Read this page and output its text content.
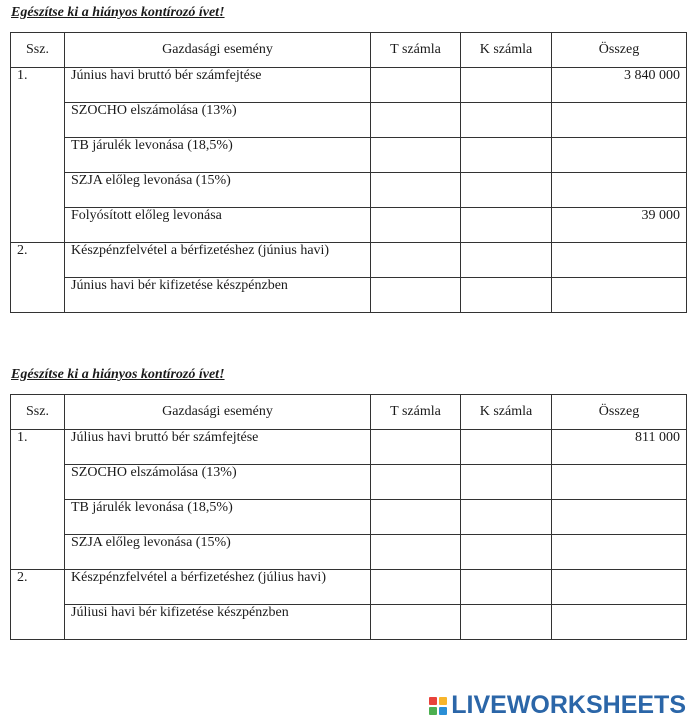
Egészítse ki a hiányos kontírozó ívet!

Ssz.	Gazdasági esemény	T számla	K számla	Összeg
1.	Június havi bruttó bér számfejtése			3 840 000
	SZOCHO elszámolása (13%)			
	TB járulék levonása (18,5%)			
	SZJA előleg levonása (15%)			
	Folyósított előleg levonása			39 000
2.	Készpénzfelvétel a bérfizetéshez (június havi)			
	Június havi bér kifizetése készpénzben			

Egészítse ki a hiányos kontírozó ívet!

Ssz.	Gazdasági esemény	T számla	K számla	Összeg
1.	Július havi bruttó bér számfejtése			811 000
	SZOCHO elszámolása (13%)			
	TB járulék levonása (18,5%)			
	SZJA előleg levonása (15%)			
2.	Készpénzfelvétel a bérfizetéshez (július havi)			
	Júliusi havi bér kifizetése készpénzben			
LIVEWORKSHEETS
